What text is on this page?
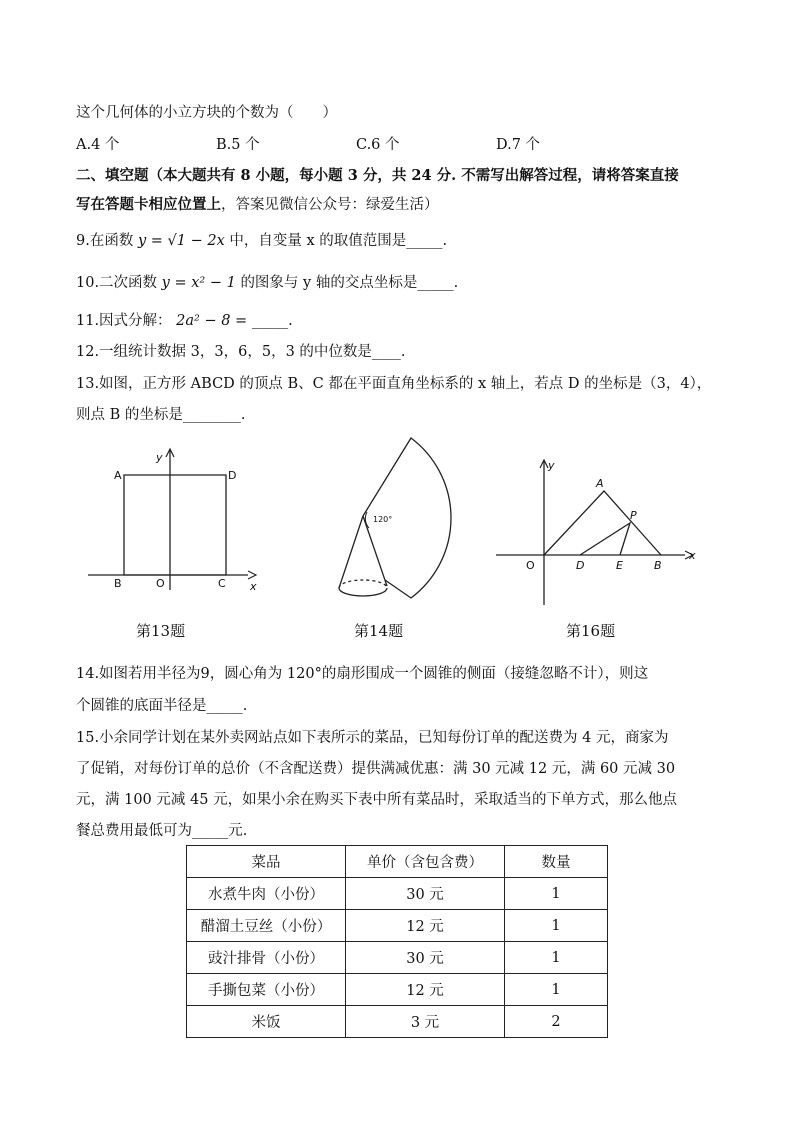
这个几何体的小立方块的个数为（　　）
A.4 个	B.5 个	C.6 个	D.7 个
二、填空题（本大题共有 8 小题，每小题 3 分，共 24 分. 不需写出解答过程，请将答案直接
写在答题卡相应位置上，答案见微信公众号：绿爱生活）
9.在函数 y = √1 − 2x 中，自变量 x 的取值范围是_____.
10.二次函数 y = x² − 1 的图象与 y 轴的交点坐标是_____.
11.因式分解： 2a² − 8 = _____.
12.一组统计数据 3，3，6，5，3 的中位数是____.
13.如图，正方形 ABCD 的顶点 B、C 都在平面直角坐标系的 x 轴上，若点 D 的坐标是（3，4），
则点 B 的坐标是________.
A	D
B	O	C x
y
第13题
120°
第14题
A
P
O	D	E	B
x
y
第16题
14.如图若用半径为9，圆心角为 120°的扇形围成一个圆锥的侧面（接缝忽略不计），则这
个圆锥的底面半径是_____.
15.小余同学计划在某外卖网站点如下表所示的菜品，已知每份订单的配送费为 4 元，商家为
了促销，对每份订单的总价（不含配送费）提供满减优惠：满 30 元减 12 元，满 60 元减 30
元，满 100 元减 45 元，如果小余在购买下表中所有菜品时，采取适当的下单方式，那么他点
餐总费用最低可为_____元.
菜品	单价（含包含费）	数量
水煮牛肉（小份）	30 元	1
醋溜土豆丝（小份）	12 元	1
豉汁排骨（小份）	30 元	1
手撕包菜（小份）	12 元	1
米饭	3 元	2
